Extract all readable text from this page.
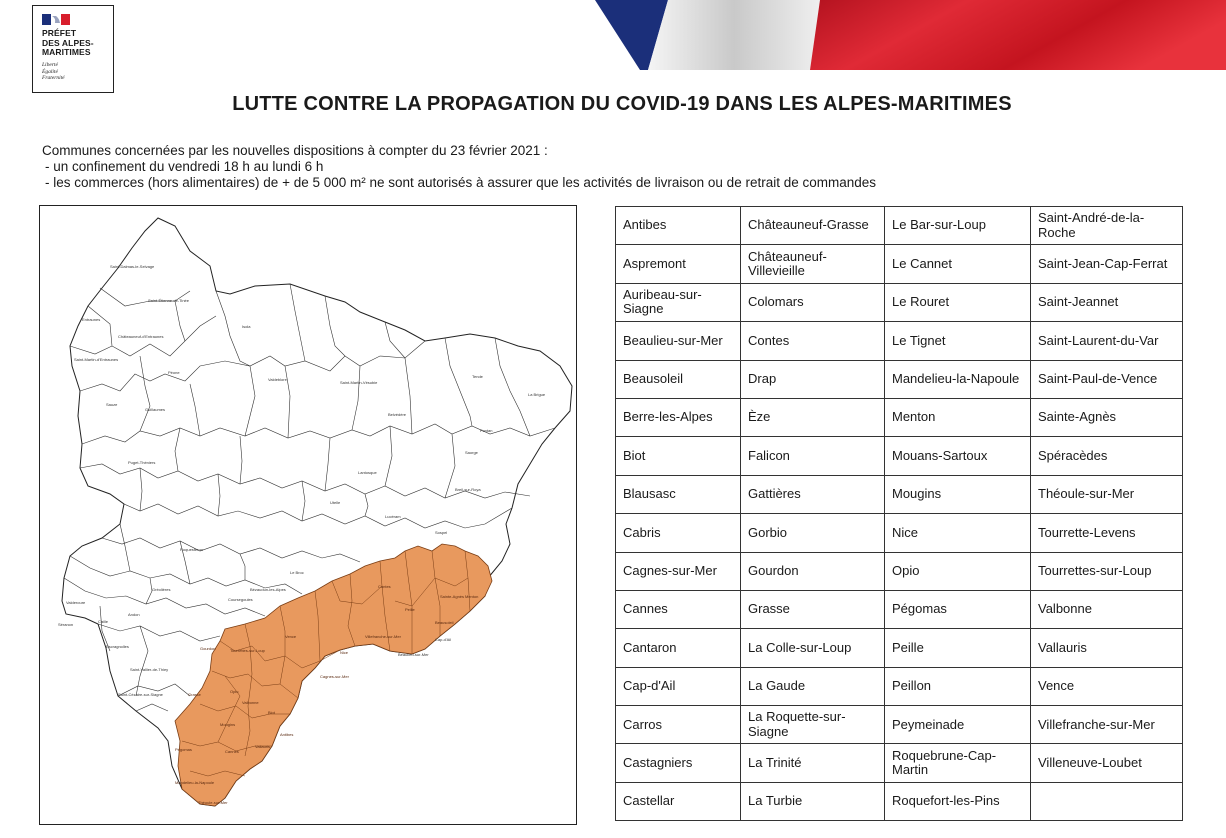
PRÉFET
DES ALPES-
MARITIMES
Liberté
Égalité
Fraternité
LUTTE CONTRE LA PROPAGATION DU COVID-19 DANS LES ALPES-MARITIMES
Communes concernées par les nouvelles dispositions à compter du 23 février 2021 :
- un confinement du vendredi 18 h au lundi 6 h
- les commerces (hors alimentaires) de + de 5 000 m² ne sont autorisés à assurer que les activités de livraison ou de retrait de commandes
Saint-Dalmas-le-Selvage
Saint-Étienne-de-Tinée
Entraunes
Châteauneuf-d'Entraunes
Saint-Martin-d'Entraunes
Isola
Sauze
Guillaumes
Péone
Valdeblore
Saint-Martin-Vésubie
Tende
La Brigue
Belvédère
Fontan
Saorge
Breil-sur-Roya
Sospel
Lucéram
Lantosque
Utelle
Puget-Théniers
Roquesteron
Bézaudun-les-Alpes
Le Broc
Coursegoules
Gréolières
Andon
Séranon
Valderoure
Caille
Escragnolles
Saint-Vallier-de-Thiey
Saint-Cézaire-sur-Siagne
Gourdon	Tourrettes-sur-Loup
Vence
Cagnes-sur-Mer
Grasse
Opio
Valbonne
Biot
Antibes
Mougins
Cannes
Vallauris
Mandelieu-la-Napoule
Théoule-sur-Mer
Pégomas
Nice
Contes
Peille
Menton
Beausoleil
Beaulieu-sur-Mer
Cap-d'Ail
Villefranche-sur-Mer
Sainte-Agnès
Antibes	Châteauneuf-Grasse	Le Bar-sur-Loup	Saint-André-de-la-Roche
Aspremont	Châteauneuf-Villevieille	Le Cannet	Saint-Jean-Cap-Ferrat
Auribeau-sur-Siagne	Colomars	Le Rouret	Saint-Jeannet
Beaulieu-sur-Mer	Contes	Le Tignet	Saint-Laurent-du-Var
Beausoleil	Drap	Mandelieu-la-Napoule	Saint-Paul-de-Vence
Berre-les-Alpes	Èze	Menton	Sainte-Agnès
Biot	Falicon	Mouans-Sartoux	Spéracèdes
Blausasc	Gattières	Mougins	Théoule-sur-Mer
Cabris	Gorbio	Nice	Tourrette-Levens
Cagnes-sur-Mer	Gourdon	Opio	Tourrettes-sur-Loup
Cannes	Grasse	Pégomas	Valbonne
Cantaron	La Colle-sur-Loup	Peille	Vallauris
Cap-d'Ail	La Gaude	Peillon	Vence
Carros	La Roquette-sur-Siagne	Peymeinade	Villefranche-sur-Mer
Castagniers	La Trinité	Roquebrune-Cap-Martin	Villeneuve-Loubet
Castellar	La Turbie	Roquefort-les-Pins	
